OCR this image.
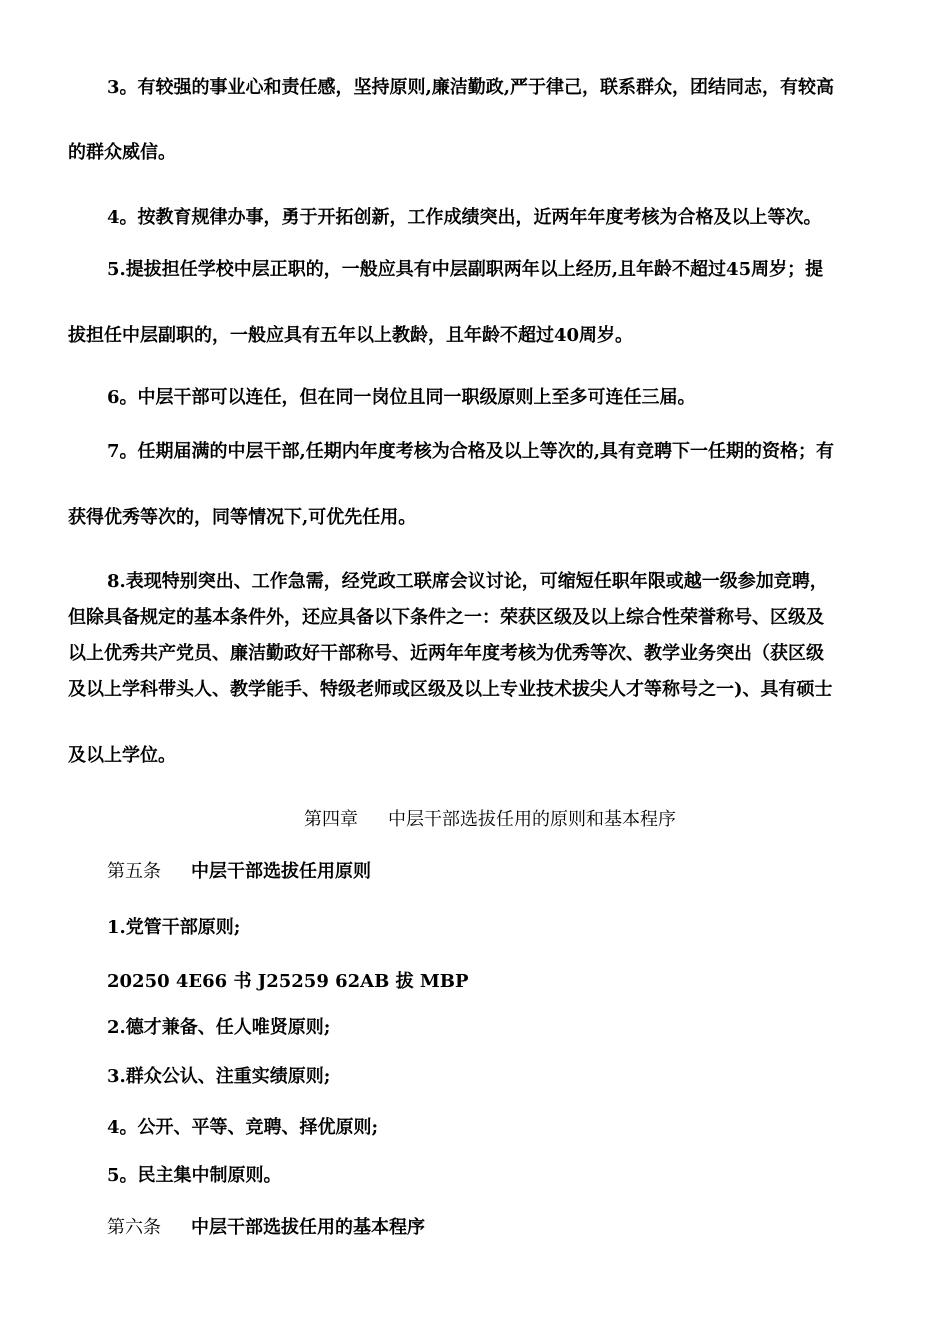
3。有较强的事业心和责任感，坚持原则,廉洁勤政,严于律己，联系群众，团结同志，有较高
的群众威信。
4。按教育规律办事，勇于开拓创新，工作成绩突出，近两年年度考核为合格及以上等次。
5.提拔担任学校中层正职的，一般应具有中层副职两年以上经历,且年龄不超过45周岁；提
拔担任中层副职的，一般应具有五年以上教龄，且年龄不超过40周岁。
6。中层干部可以连任，但在同一岗位且同一职级原则上至多可连任三届。
7。任期届满的中层干部,任期内年度考核为合格及以上等次的,具有竞聘下一任期的资格；有
获得优秀等次的，同等情况下,可优先任用。
8.表现特别突出、工作急需，经党政工联席会议讨论，可缩短任职年限或越一级参加竞聘，
但除具备规定的基本条件外，还应具备以下条件之一：荣获区级及以上综合性荣誉称号、区级及
以上优秀共产党员、廉洁勤政好干部称号、近两年年度考核为优秀等次、教学业务突出（获区级
及以上学科带头人、教学能手、特级老师或区级及以上专业技术拔尖人才等称号之一)、具有硕士
及以上学位。
第四章 中层干部选拔任用的原则和基本程序
第五条 中层干部选拔任用原则
1.党管干部原则;
20250 4E66 书 J25259 62AB 拔 MBP
2.德才兼备、任人唯贤原则;
3.群众公认、注重实绩原则;
4。公开、平等、竞聘、择优原则;
5。民主集中制原则。
第六条 中层干部选拔任用的基本程序
